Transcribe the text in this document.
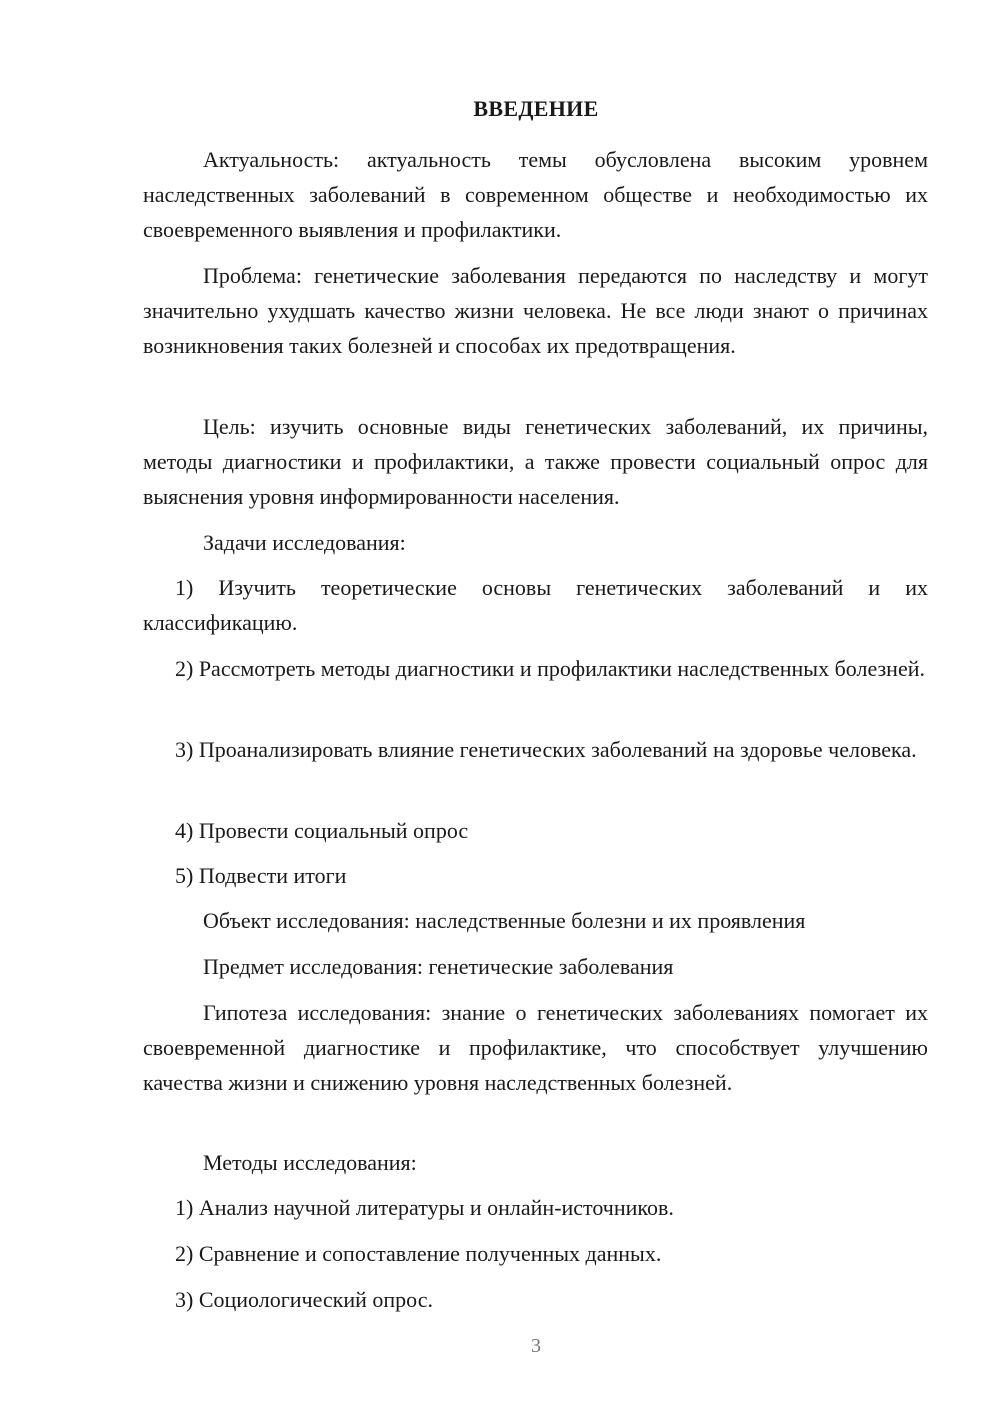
ВВЕДЕНИЕ

Актуальность: актуальность темы обусловлена высоким уровнем наследственных заболеваний в современном обществе и необходимостью их своевременного выявления и профилактики.

Проблема: генетические заболевания передаются по наследству и могут значительно ухудшать качество жизни человека. Не все люди знают о причинах возникновения таких болезней и способах их предотвращения.

Цель: изучить основные виды генетических заболеваний, их причины, методы диагностики и профилактики, а также провести социальный опрос для выяснения уровня информированности населения.

Задачи исследования:

1) Изучить теоретические основы генетических заболеваний и их классификацию.

2) Рассмотреть методы диагностики и профилактики наследственных болезней.

3) Проанализировать влияние генетических заболеваний на здоровье человека.

4) Провести социальный опрос

5) Подвести итоги

Объект исследования: наследственные болезни и их проявления

Предмет исследования: генетические заболевания

Гипотеза исследования: знание о генетических заболеваниях помогает их своевременной диагностике и профилактике, что способствует улучшению качества жизни и снижению уровня наследственных болезней.

Методы исследования:

1) Анализ научной литературы и онлайн-источников.

2) Сравнение и сопоставление полученных данных.

3) Социологический опрос.

3
